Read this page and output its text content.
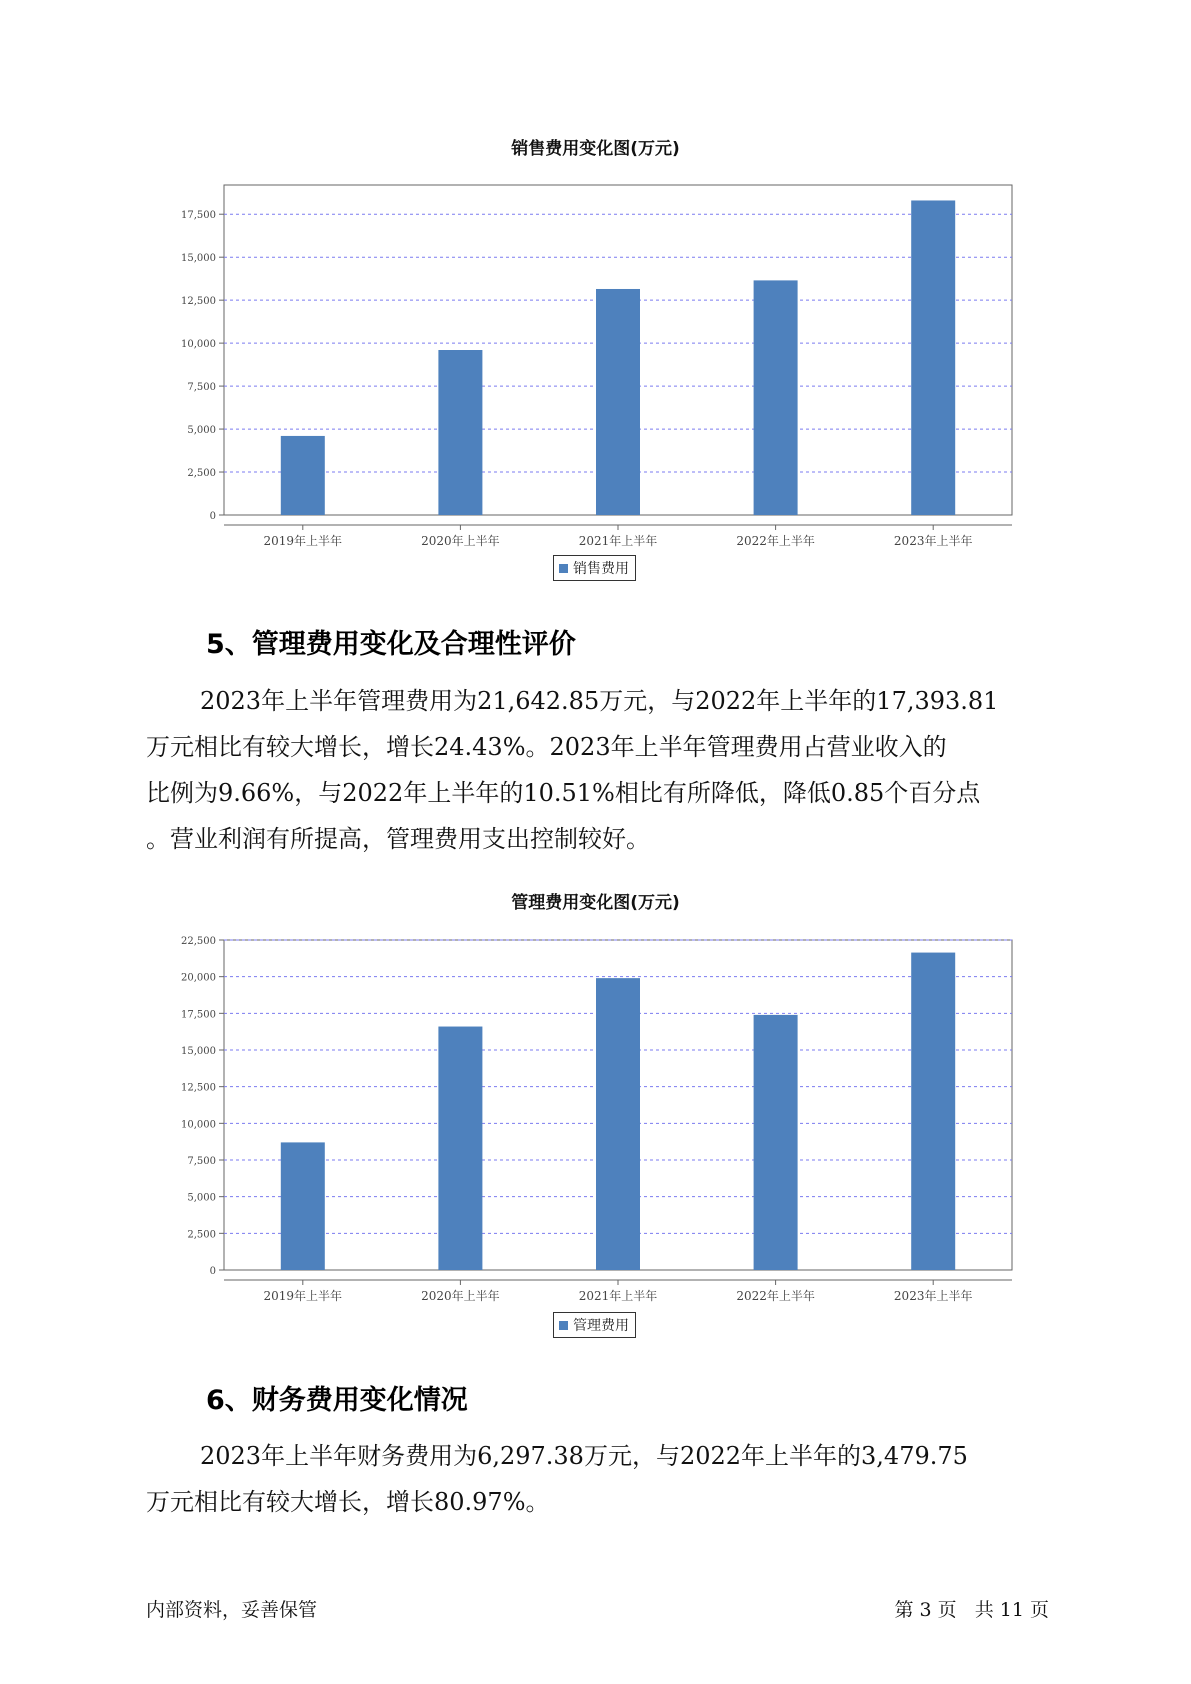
销售费用变化图(万元)
0
2,500
5,000
7,500
10,000
12,500
15,000
17,500
2019年上半年	2020年上半年	2021年上半年	2022年上半年	2023年上半年
销售费用
5、管理费用变化及合理性评价

2023年上半年管理费用为21,642.85万元，与2022年上半年的17,393.81

万元相比有较大增长，增长24.43%。2023年上半年管理费用占营业收入的

比例为9.66%，与2022年上半年的10.51%相比有所降低，降低0.85个百分点

。营业利润有所提高，管理费用支出控制较好。

管理费用变化图(万元)
0
2,500
5,000
7,500
10,000
12,500
15,000
17,500
20,000
22,500
2019年上半年	2020年上半年	2021年上半年	2022年上半年	2023年上半年
管理费用
6、财务费用变化情况

2023年上半年财务费用为6,297.38万元，与2022年上半年的3,479.75

万元相比有较大增长，增长80.97%。

内部资料，妥善保管	第 3 页   共 11 页
